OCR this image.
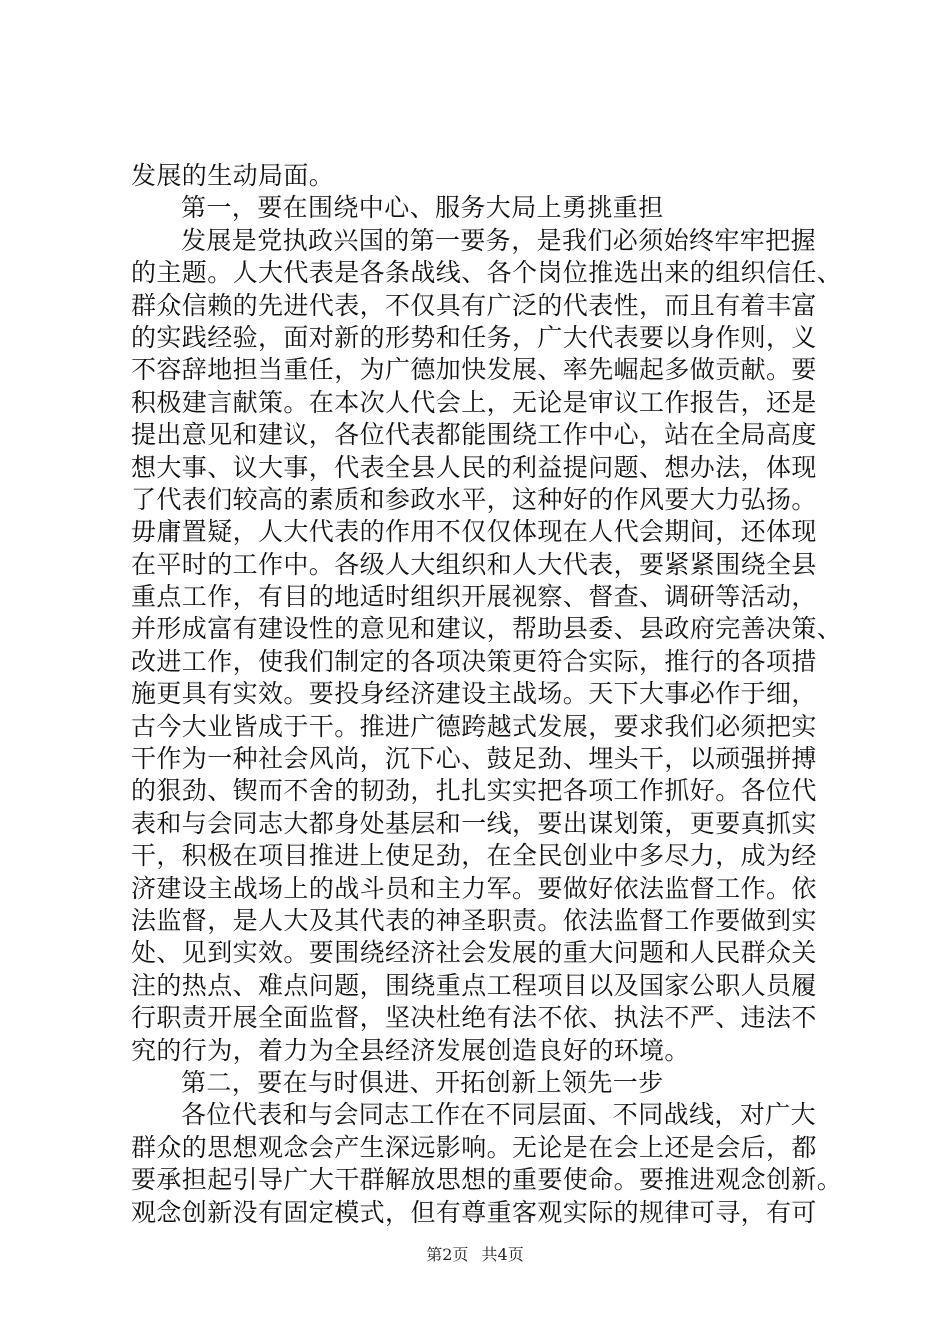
发展的生动局面。
第一，要在围绕中心、服务大局上勇挑重担
发展是党执政兴国的第一要务，是我们必须始终牢牢把握
的主题。人大代表是各条战线、各个岗位推选出来的组织信任、
群众信赖的先进代表，不仅具有广泛的代表性，而且有着丰富
的实践经验，面对新的形势和任务，广大代表要以身作则，义
不容辞地担当重任，为广德加快发展、率先崛起多做贡献。要
积极建言献策。在本次人代会上，无论是审议工作报告，还是
提出意见和建议，各位代表都能围绕工作中心，站在全局高度
想大事、议大事，代表全县人民的利益提问题、想办法，体现
了代表们较高的素质和参政水平，这种好的作风要大力弘扬。
毋庸置疑，人大代表的作用不仅仅体现在人代会期间，还体现
在平时的工作中。各级人大组织和人大代表，要紧紧围绕全县
重点工作，有目的地适时组织开展视察、督查、调研等活动，
并形成富有建设性的意见和建议，帮助县委、县政府完善决策、
改进工作，使我们制定的各项决策更符合实际，推行的各项措
施更具有实效。要投身经济建设主战场。天下大事必作于细，
古今大业皆成于干。推进广德跨越式发展，要求我们必须把实
干作为一种社会风尚，沉下心、鼓足劲、埋头干，以顽强拼搏
的狠劲、锲而不舍的韧劲，扎扎实实把各项工作抓好。各位代
表和与会同志大都身处基层和一线，要出谋划策，更要真抓实
干，积极在项目推进上使足劲，在全民创业中多尽力，成为经
济建设主战场上的战斗员和主力军。要做好依法监督工作。依
法监督，是人大及其代表的神圣职责。依法监督工作要做到实
处、见到实效。要围绕经济社会发展的重大问题和人民群众关
注的热点、难点问题，围绕重点工程项目以及国家公职人员履
行职责开展全面监督，坚决杜绝有法不依、执法不严、违法不
究的行为，着力为全县经济发展创造良好的环境。
第二，要在与时俱进、开拓创新上领先一步
各位代表和与会同志工作在不同层面、不同战线，对广大
群众的思想观念会产生深远影响。无论是在会上还是会后，都
要承担起引导广大干群解放思想的重要使命。要推进观念创新。
观念创新没有固定模式，但有尊重客观实际的规律可寻，有可
第2页 共4页
